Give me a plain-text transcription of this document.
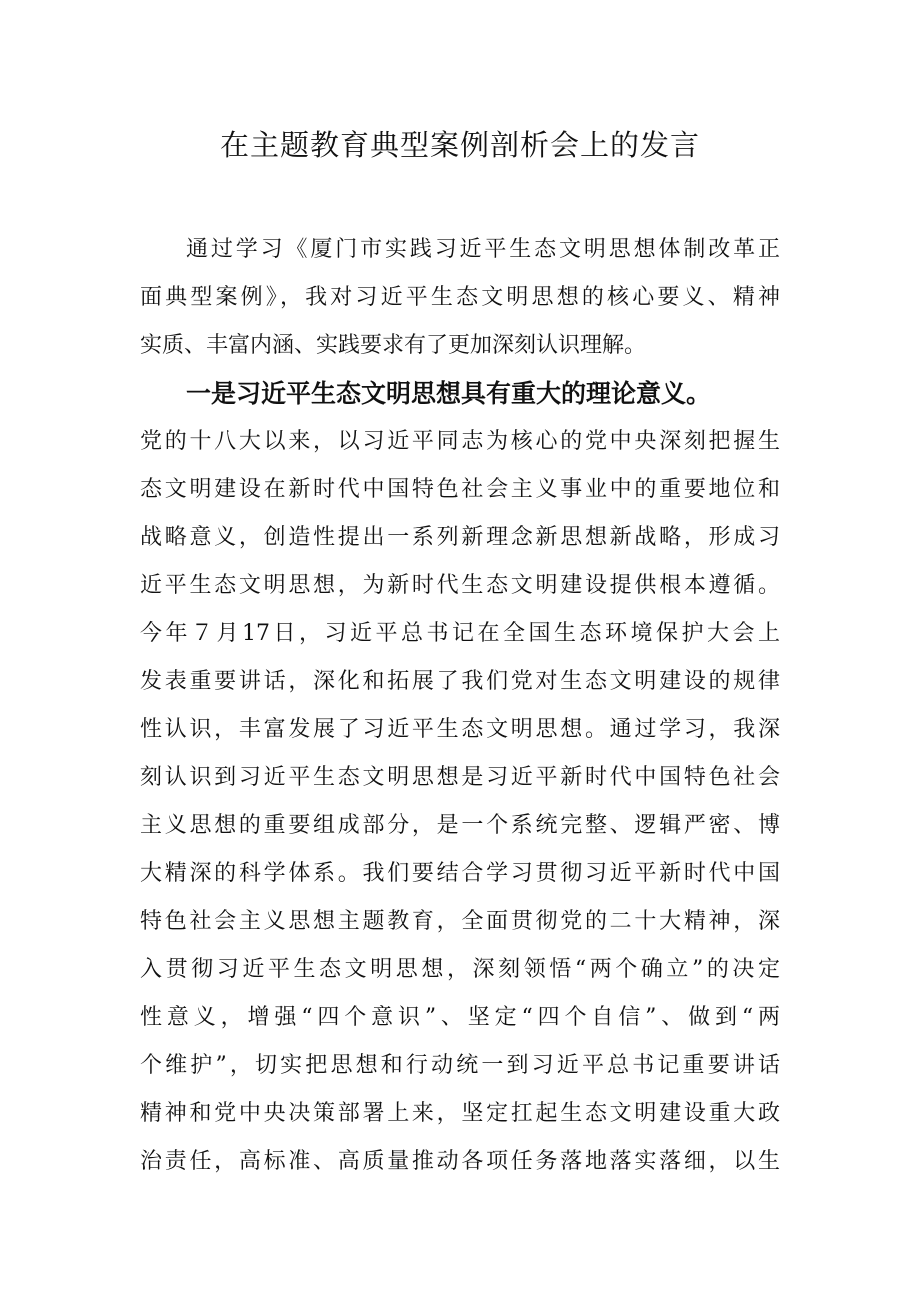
在主题教育典型案例剖析会上的发言
通过学习《厦门市实践习近平生态文明思想体制改革正
面典型案例》，我对习近平生态文明思想的核心要义、精神
实质、丰富内涵、实践要求有了更加深刻认识理解。
一是习近平生态文明思想具有重大的理论意义。
党的十八大以来，以习近平同志为核心的党中央深刻把握生
态文明建设在新时代中国特色社会主义事业中的重要地位和
战略意义，创造性提出一系列新理念新思想新战略，形成习
近平生态文明思想，为新时代生态文明建设提供根本遵循。
今年７月17日，习近平总书记在全国生态环境保护大会上
发表重要讲话，深化和拓展了我们党对生态文明建设的规律
性认识，丰富发展了习近平生态文明思想。通过学习，我深
刻认识到习近平生态文明思想是习近平新时代中国特色社会
主义思想的重要组成部分，是一个系统完整、逻辑严密、博
大精深的科学体系。我们要结合学习贯彻习近平新时代中国
特色社会主义思想主题教育，全面贯彻党的二十大精神，深
入贯彻习近平生态文明思想，深刻领悟“两个确立”的决定
性意义，增强“四个意识”、坚定“四个自信”、做到“两
个维护”，切实把思想和行动统一到习近平总书记重要讲话
精神和党中央决策部署上来，坚定扛起生态文明建设重大政
治责任，高标准、高质量推动各项任务落地落实落细，以生
